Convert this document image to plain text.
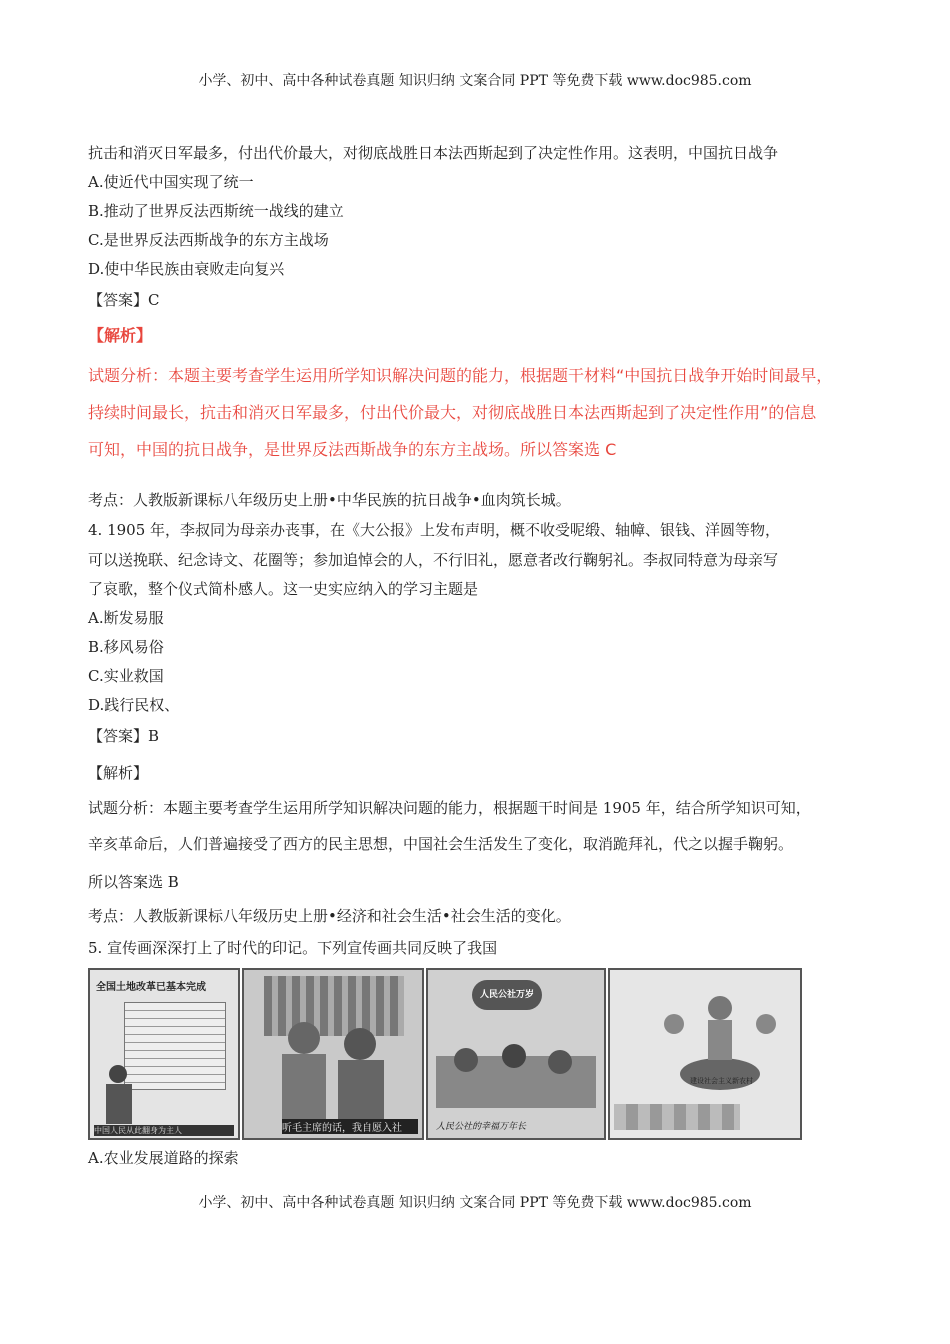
小学、初中、高中各种试卷真题 知识归纳 文案合同 PPT 等免费下载 www.doc985.com
抗击和消灭日军最多，付出代价最大，对彻底战胜日本法西斯起到了决定性作用。这表明，中国抗日战争
A.使近代中国实现了统一
B.推动了世界反法西斯统一战线的建立
C.是世界反法西斯战争的东方主战场
D.使中华民族由衰败走向复兴
【答案】C
【解析】
试题分析：本题主要考查学生运用所学知识解决问题的能力，根据题干材料“中国抗日战争开始时间最早，
持续时间最长，抗击和消灭日军最多，付出代价最大，对彻底战胜日本法西斯起到了决定性作用”的信息
可知，中国的抗日战争，是世界反法西斯战争的东方主战场。所以答案选 C
考点：人教版新课标八年级历史上册•中华民族的抗日战争•血肉筑长城。
4. 1905 年，李叔同为母亲办丧事，在《大公报》上发布声明，概不收受呢缎、轴幛、银钱、洋圆等物，
可以送挽联、纪念诗文、花圈等；参加追悼会的人，不行旧礼，愿意者改行鞠躬礼。李叔同特意为母亲写
了哀歌，整个仪式简朴感人。这一史实应纳入的学习主题是
A.断发易服
B.移风易俗
C.实业救国
D.践行民权、
【答案】B
【解析】
试题分析：本题主要考查学生运用所学知识解决问题的能力，根据题干时间是 1905 年，结合所学知识可知，
辛亥革命后，人们普遍接受了西方的民主思想，中国社会生活发生了变化，取消跪拜礼，代之以握手鞠躬。
所以答案选 B
考点：人教版新课标八年级历史上册•经济和社会生活•社会生活的变化。
5. 宣传画深深打上了时代的印记。下列宣传画共同反映了我国
全国土地改革已基本完成
中国人民从此翻身为主人	听毛主席的话，我自愿入社
人民公社万岁
人民公社的幸福万年长
建设社会主义新农村
A.农业发展道路的探索
小学、初中、高中各种试卷真题 知识归纳 文案合同 PPT 等免费下载 www.doc985.com
